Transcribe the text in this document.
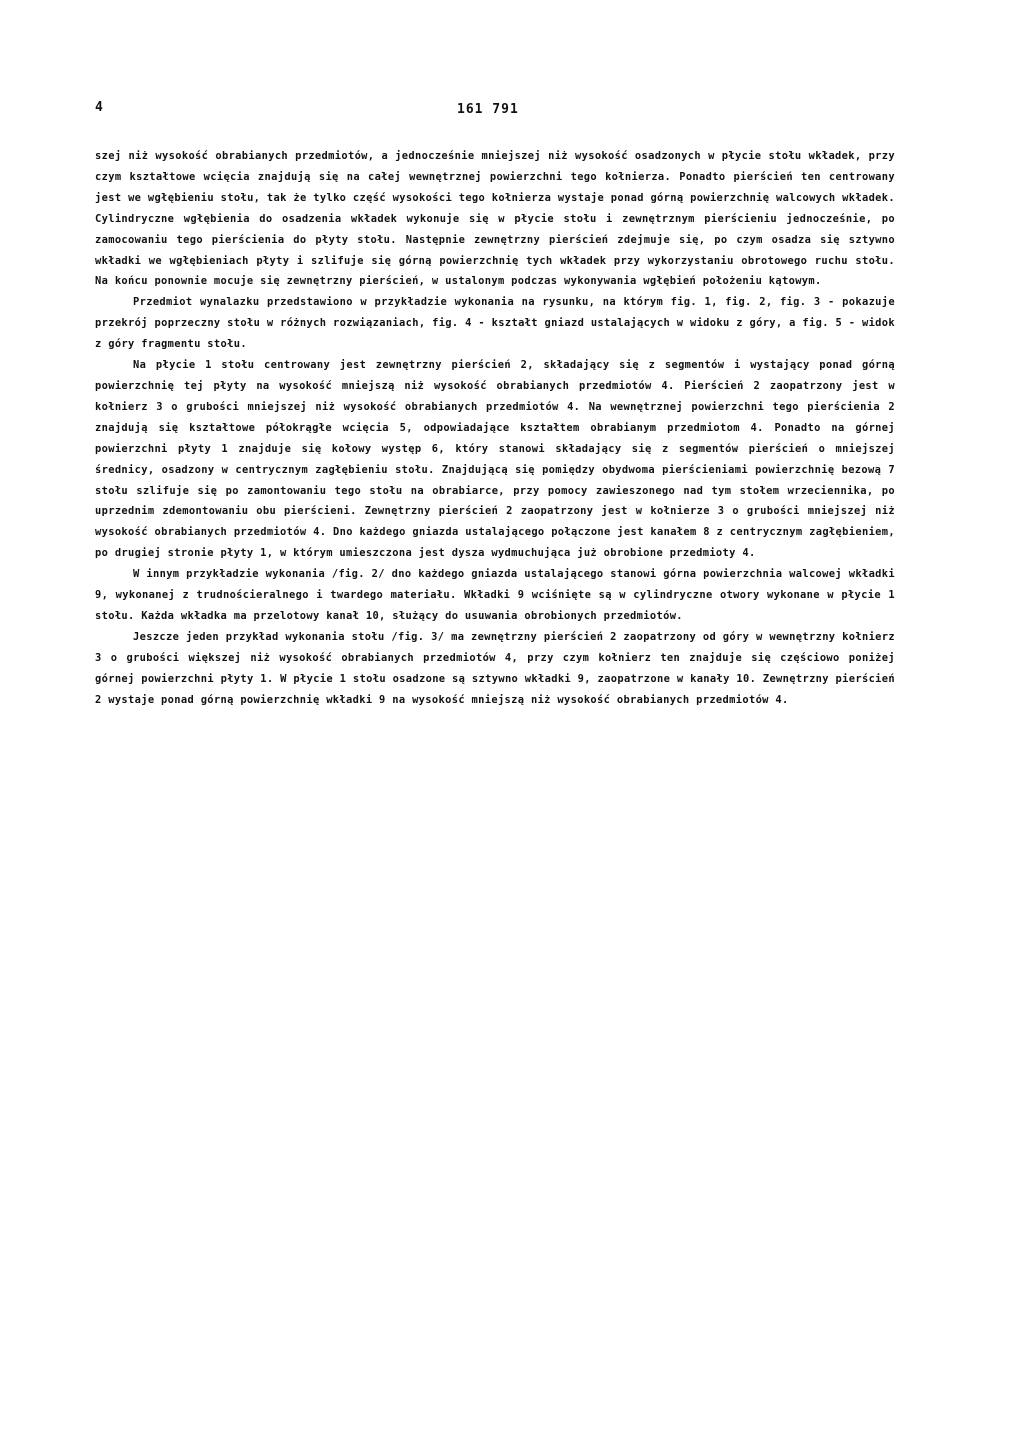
4	161 791

szej niż wysokość obrabianych przedmiotów, a jednocześnie mniejszej niż wysokość osadzonych w płycie stołu wkładek, przy czym kształtowe wcięcia znajdują się na całej wewnętrznej powierzchni tego kołnierza. Ponadto pierścień ten centrowany jest we wgłębieniu stołu, tak że tylko część wysokości tego kołnierza wystaje ponad górną powierzchnię walcowych wkładek. Cylindryczne wgłębienia do osadzenia wkładek wykonuje się w płycie stołu i zewnętrznym pierścieniu jednocześnie, po zamocowaniu tego pierścienia do płyty stołu. Następnie zewnętrzny pierścień zdejmuje się, po czym osadza się sztywno wkładki we wgłębieniach płyty i szlifuje się górną powierzchnię tych wkładek przy wykorzystaniu obrotowego ruchu stołu. Na końcu ponownie mocuje się zewnętrzny pierścień, w ustalonym podczas wykonywania wgłębień położeniu kątowym.

Przedmiot wynalazku przedstawiono w przykładzie wykonania na rysunku, na którym fig. 1, fig. 2, fig. 3 - pokazuje przekrój poprzeczny stołu w różnych rozwiązaniach, fig. 4 - kształt gniazd ustalających w widoku z góry, a fig. 5 - widok z góry fragmentu stołu.

Na płycie 1 stołu centrowany jest zewnętrzny pierścień 2, składający się z segmentów i wystający ponad górną powierzchnię tej płyty na wysokość mniejszą niż wysokość obrabianych przedmiotów 4. Pierścień 2 zaopatrzony jest w kołnierz 3 o grubości mniejszej niż wysokość obrabianych przedmiotów 4. Na wewnętrznej powierzchni tego pierścienia 2 znajdują się kształtowe półokrągłe wcięcia 5, odpowiadające kształtem obrabianym przedmiotom 4. Ponadto na górnej powierzchni płyty 1 znajduje się kołowy występ 6, który stanowi składający się z segmentów pierścień o mniejszej średnicy, osadzony w centrycznym zagłębieniu stołu. Znajdującą się pomiędzy obydwoma pierścieniami powierzchnię bezową 7 stołu szlifuje się po zamontowaniu tego stołu na obrabiarce, przy pomocy zawieszonego nad tym stołem wrzeciennika, po uprzednim zdemontowaniu obu pierścieni. Zewnętrzny pierścień 2 zaopatrzony jest w kołnierze 3 o grubości mniejszej niż wysokość obrabianych przedmiotów 4. Dno każdego gniazda ustalającego połączone jest kanałem 8 z centrycznym zagłębieniem, po drugiej stronie płyty 1, w którym umieszczona jest dysza wydmuchująca już obrobione przedmioty 4.

W innym przykładzie wykonania /fig. 2/ dno każdego gniazda ustalającego stanowi górna powierzchnia walcowej wkładki 9, wykonanej z trudnościeralnego i twardego materiału. Wkładki 9 wciśnięte są w cylindryczne otwory wykonane w płycie 1 stołu. Każda wkładka ma przelotowy kanał 10, służący do usuwania obrobionych przedmiotów.

Jeszcze jeden przykład wykonania stołu /fig. 3/ ma zewnętrzny pierścień 2 zaopatrzony od góry w wewnętrzny kołnierz 3 o grubości większej niż wysokość obrabianych przedmiotów 4, przy czym kołnierz ten znajduje się częściowo poniżej górnej powierzchni płyty 1. W płycie 1 stołu osadzone są sztywno wkładki 9, zaopatrzone w kanały 10. Zewnętrzny pierścień 2 wystaje ponad górną powierzchnię wkładki 9 na wysokość mniejszą niż wysokość obrabianych przedmiotów 4.
